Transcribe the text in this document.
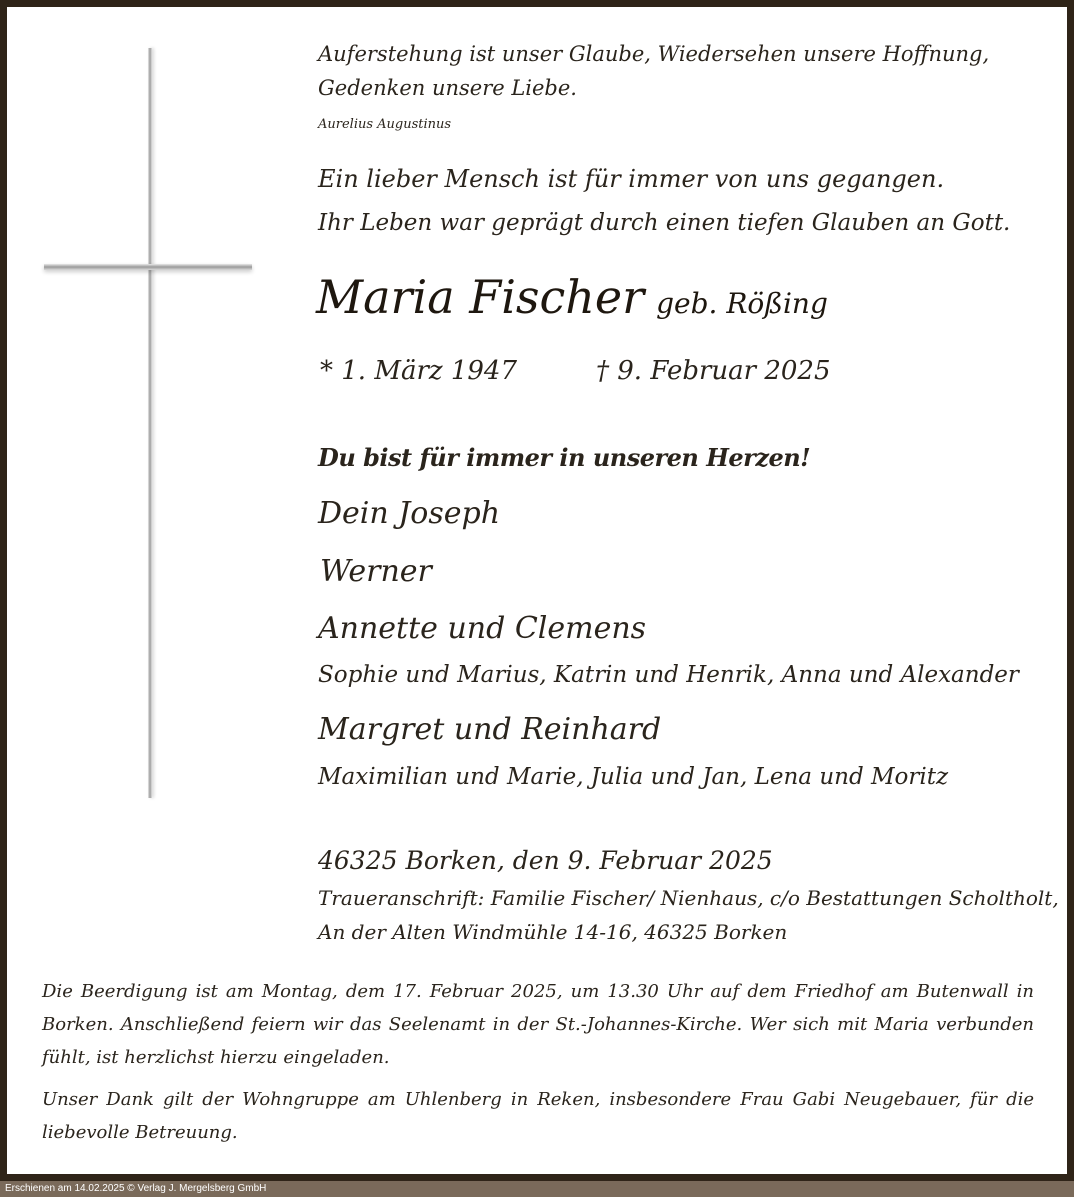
Auferstehung ist unser Glaube, Wiedersehen unsere Hoffnung,
Gedenken unsere Liebe.
Aurelius Augustinus
Ein lieber Mensch ist für immer von uns gegangen.
Ihr Leben war geprägt durch einen tiefen Glauben an Gott.
Maria Fischer geb. Rößing
* 1. März 1947	† 9. Februar 2025
Du bist für immer in unseren Herzen!
Dein Joseph
Werner
Annette und Clemens
Sophie und Marius, Katrin und Henrik, Anna und Alexander
Margret und Reinhard
Maximilian und Marie, Julia und Jan, Lena und Moritz
46325 Borken, den 9. Februar 2025
Traueranschrift: Familie Fischer/ Nienhaus, c/o Bestattungen Scholtholt,
An der Alten Windmühle 14-16, 46325 Borken
Die Beerdigung ist am Montag, dem 17. Februar 2025, um 13.30 Uhr auf dem Friedhof am Butenwall in Borken. Anschließend feiern wir das Seelenamt in der St.-Johannes-Kirche. Wer sich mit Maria verbunden fühlt, ist herzlichst hierzu eingeladen.
Unser Dank gilt der Wohngruppe am Uhlenberg in Reken, insbesondere Frau Gabi Neugebauer, für die liebevolle Betreuung.
Erschienen am 14.02.2025 © Verlag J. Mergelsberg GmbH
